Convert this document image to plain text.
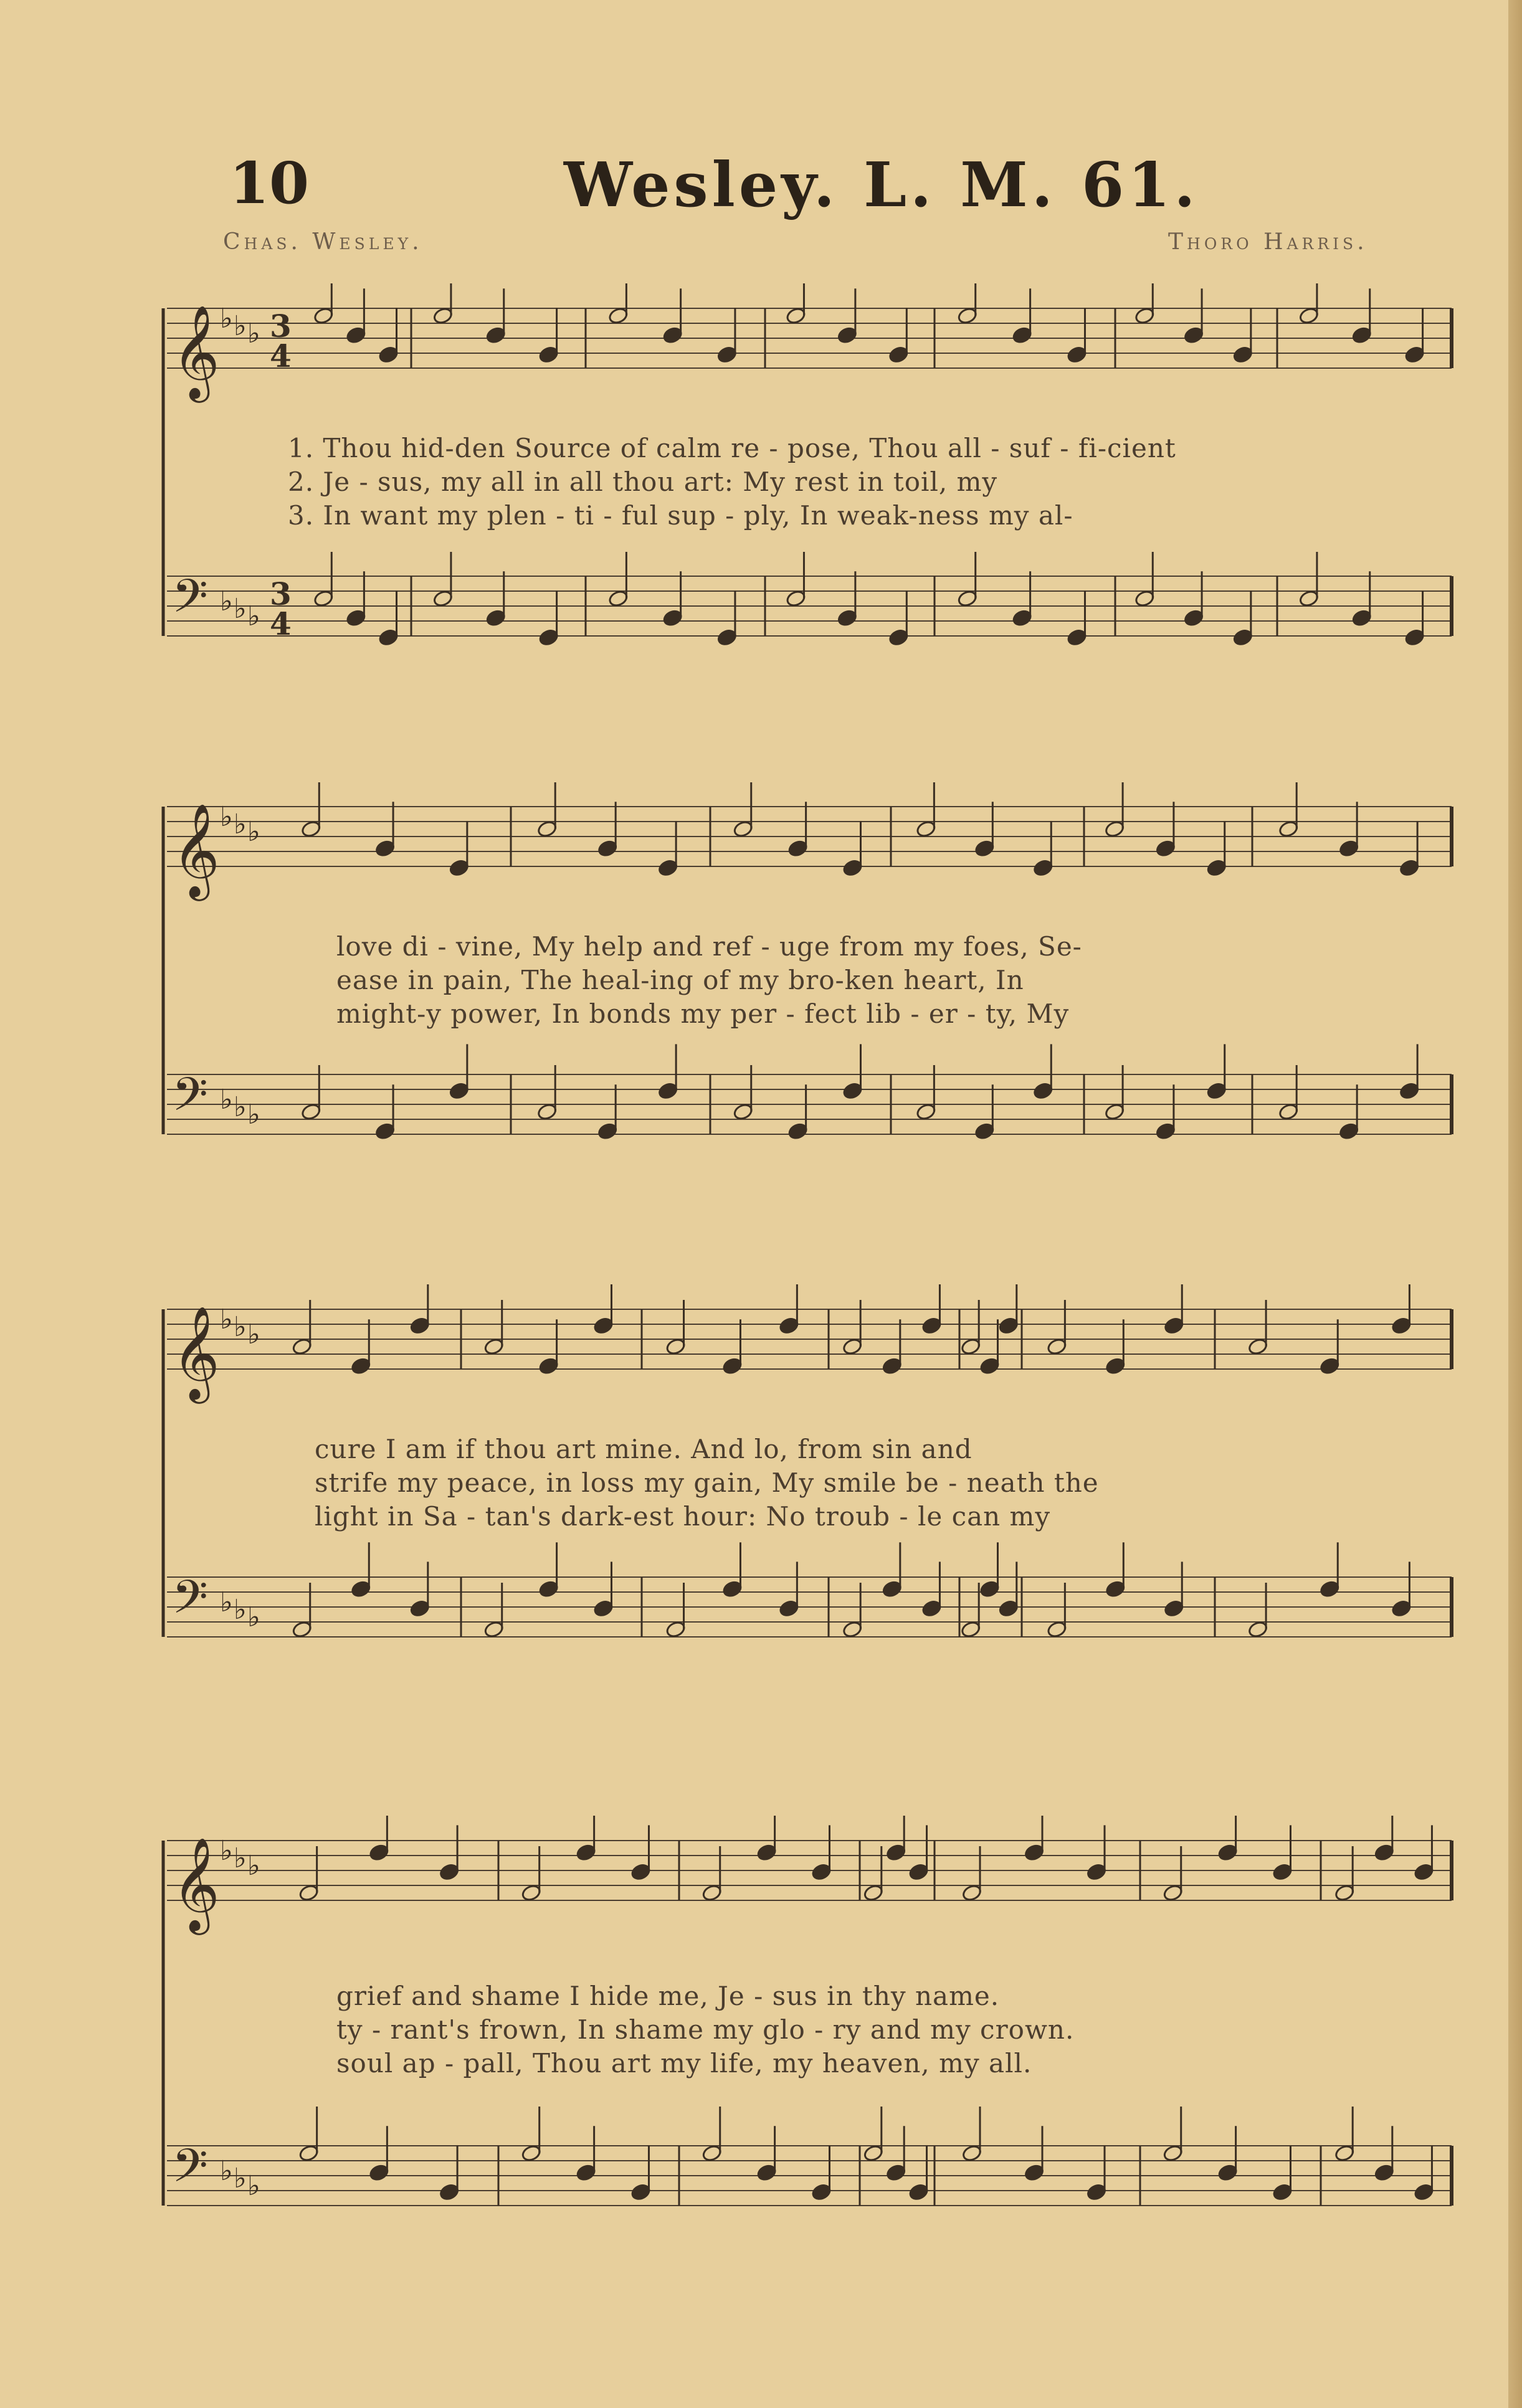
10	Wesley. L. M. 61.
Chas. Wesley.	Thoro Harris.
𝄞 ♭ ♭ ♭ 3
4
𝄢 ♭ ♭ ♭
3
4
1. Thou hid-den Source of calm re - pose, Thou all - suf - fi-cient
2. Je - sus, my all in all thou art: My rest in toil, my
3. In want my plen - ti - ful sup - ply, In weak-ness my al-
𝄞 ♭ ♭ ♭
𝄢 ♭ ♭ ♭
love di - vine, My help and ref - uge from my foes, Se-
ease in pain, The heal-ing of my bro-ken heart, In
might-y power, In bonds my per - fect lib - er - ty, My
𝄞 ♭ ♭ ♭
𝄢 ♭ ♭ ♭
cure I am if thou art mine. And lo, from sin and
strife my peace, in loss my gain, My smile be - neath the
light in Sa - tan's dark-est hour: No troub - le can my
𝄞 ♭ ♭ ♭
𝄢 ♭ ♭ ♭
grief and shame I hide me, Je - sus in thy name.
ty - rant's frown, In shame my glo - ry and my crown.
soul ap - pall, Thou art my life, my heaven, my all.
